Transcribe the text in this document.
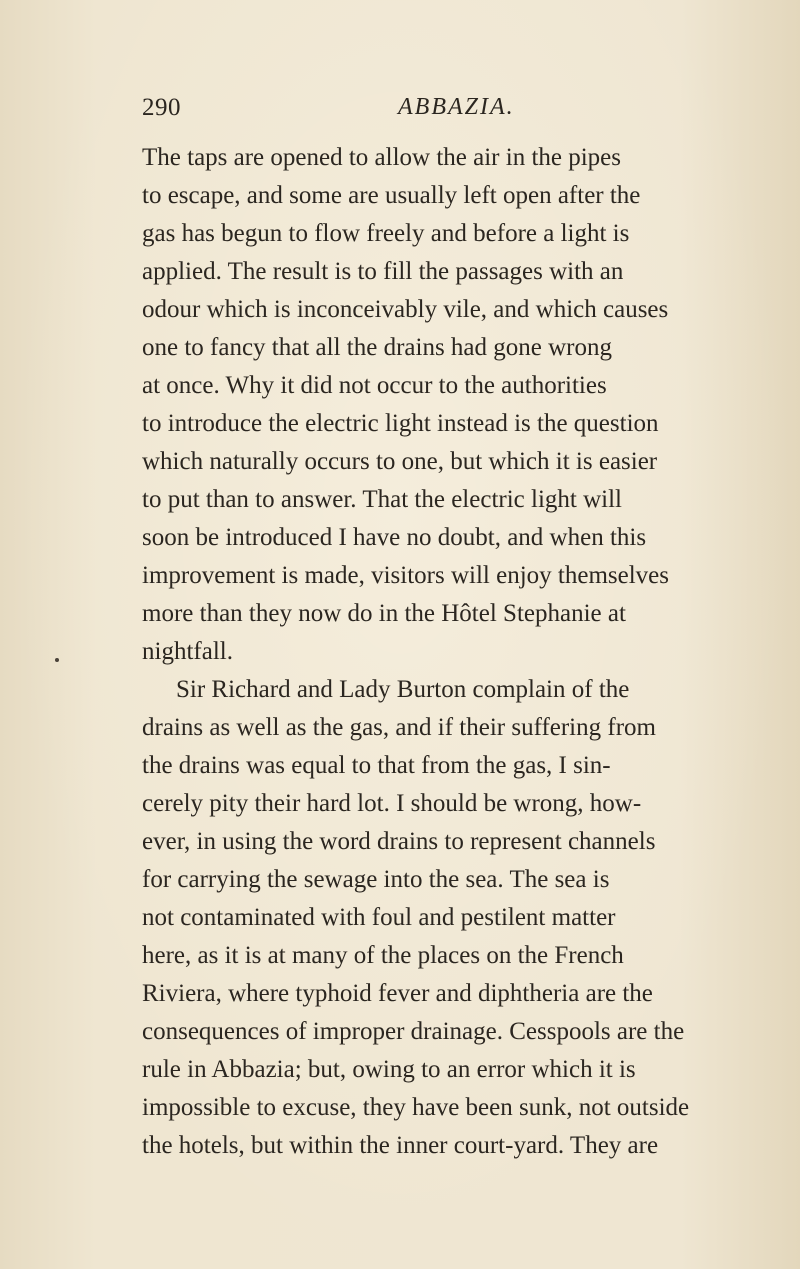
290	ABBAZIA.
The taps are opened to allow the air in the pipes
to escape, and some are usually left open after the
gas has begun to flow freely and before a light is
applied. The result is to fill the passages with an
odour which is inconceivably vile, and which causes
one to fancy that all the drains had gone wrong
at once. Why it did not occur to the authorities
to introduce the electric light instead is the question
which naturally occurs to one, but which it is easier
to put than to answer. That the electric light will
soon be introduced I have no doubt, and when this
improvement is made, visitors will enjoy themselves
more than they now do in the Hôtel Stephanie at
nightfall.
Sir Richard and Lady Burton complain of the
drains as well as the gas, and if their suffering from
the drains was equal to that from the gas, I sin-
cerely pity their hard lot. I should be wrong, how-
ever, in using the word drains to represent channels
for carrying the sewage into the sea. The sea is
not contaminated with foul and pestilent matter
here, as it is at many of the places on the French
Riviera, where typhoid fever and diphtheria are the
consequences of improper drainage. Cesspools are the
rule in Abbazia; but, owing to an error which it is
impossible to excuse, they have been sunk, not outside
the hotels, but within the inner court-yard. They are
